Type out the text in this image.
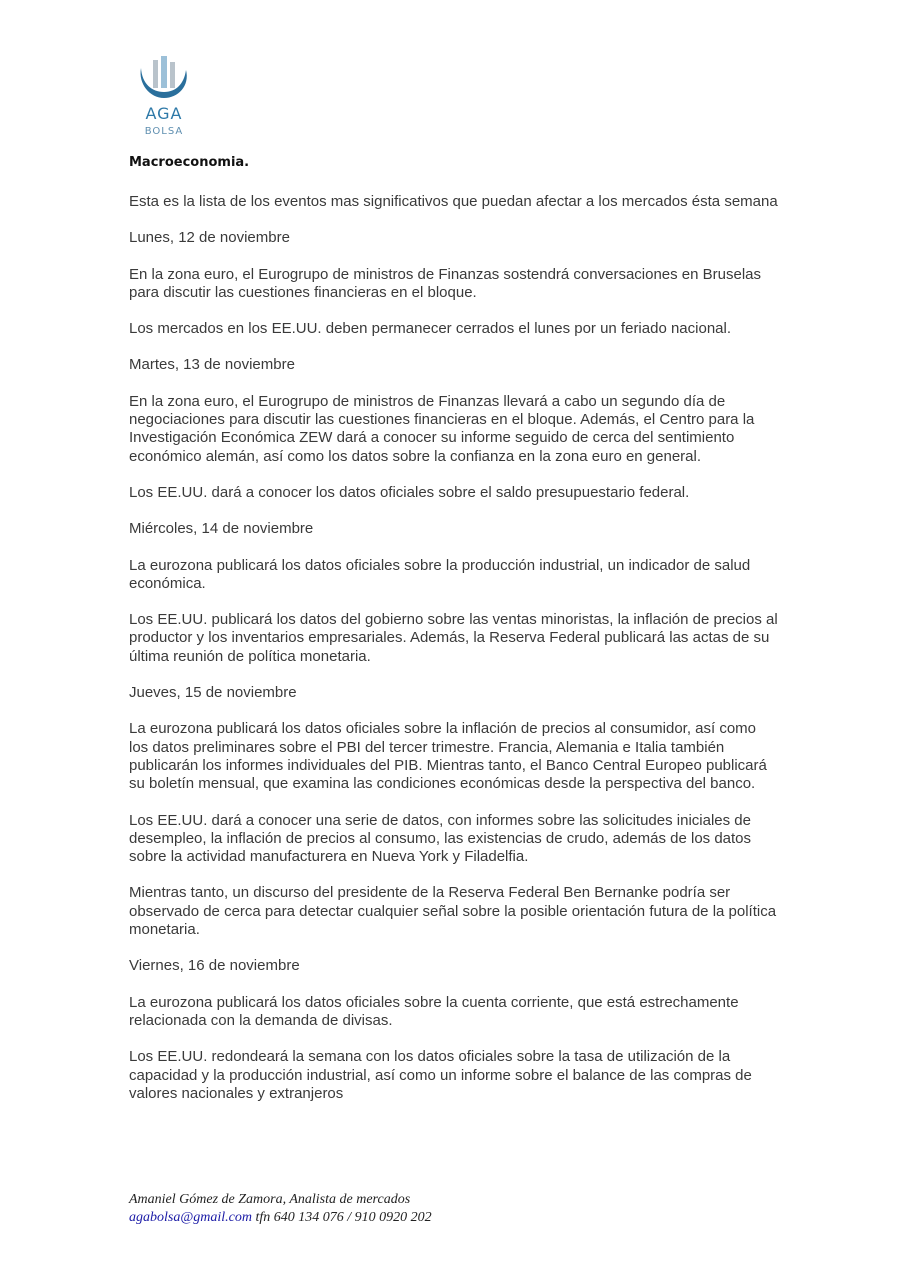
AGA
BOLSA
Macroeconomia.

Esta es la lista de los eventos mas significativos que puedan afectar a los mercados ésta semana

Lunes, 12 de noviembre

En la zona euro, el Eurogrupo de ministros de Finanzas sostendrá conversaciones en Bruselas para discutir las cuestiones financieras en el bloque.

Los mercados en los EE.UU. deben permanecer cerrados el lunes por un feriado nacional.

Martes, 13 de noviembre

En la zona euro, el Eurogrupo de ministros de Finanzas llevará a cabo un segundo día de negociaciones para discutir las cuestiones financieras en el bloque. Además, el Centro para la Investigación Económica ZEW dará a conocer su informe seguido de cerca del sentimiento económico alemán, así como los datos sobre la confianza en la zona euro en general.

Los EE.UU. dará a conocer los datos oficiales sobre el saldo presupuestario federal.

Miércoles, 14 de noviembre

La eurozona publicará los datos oficiales sobre la producción industrial, un indicador de salud económica.

Los EE.UU. publicará los datos del gobierno sobre las ventas minoristas, la inflación de precios al productor y los inventarios empresariales. Además, la Reserva Federal publicará las actas de su última reunión de política monetaria.

Jueves, 15 de noviembre

La eurozona publicará los datos oficiales sobre la inflación de precios al consumidor, así como los datos preliminares sobre el PBI del tercer trimestre. Francia, Alemania e Italia también publicarán los informes individuales del PIB. Mientras tanto, el Banco Central Europeo publicará su boletín mensual, que examina las condiciones económicas desde la perspectiva del banco.

Los EE.UU. dará a conocer una serie de datos, con informes sobre las solicitudes iniciales de desempleo, la inflación de precios al consumo, las existencias de crudo, además de los datos sobre la actividad manufacturera en Nueva York y Filadelfia.

Mientras tanto, un discurso del presidente de la Reserva Federal Ben Bernanke podría ser observado de cerca para detectar cualquier señal sobre la posible orientación futura de la política monetaria.

Viernes, 16 de noviembre

La eurozona publicará los datos oficiales sobre la cuenta corriente, que está estrechamente relacionada con la demanda de divisas.

Los EE.UU. redondeará la semana con los datos oficiales sobre la tasa de utilización de la capacidad y la producción industrial, así como un informe sobre el balance de las compras de valores nacionales y extranjeros

Amaniel Gómez de Zamora, Analista de mercados
agabolsa@gmail.com tfn 640 134 076 / 910 0920 202
